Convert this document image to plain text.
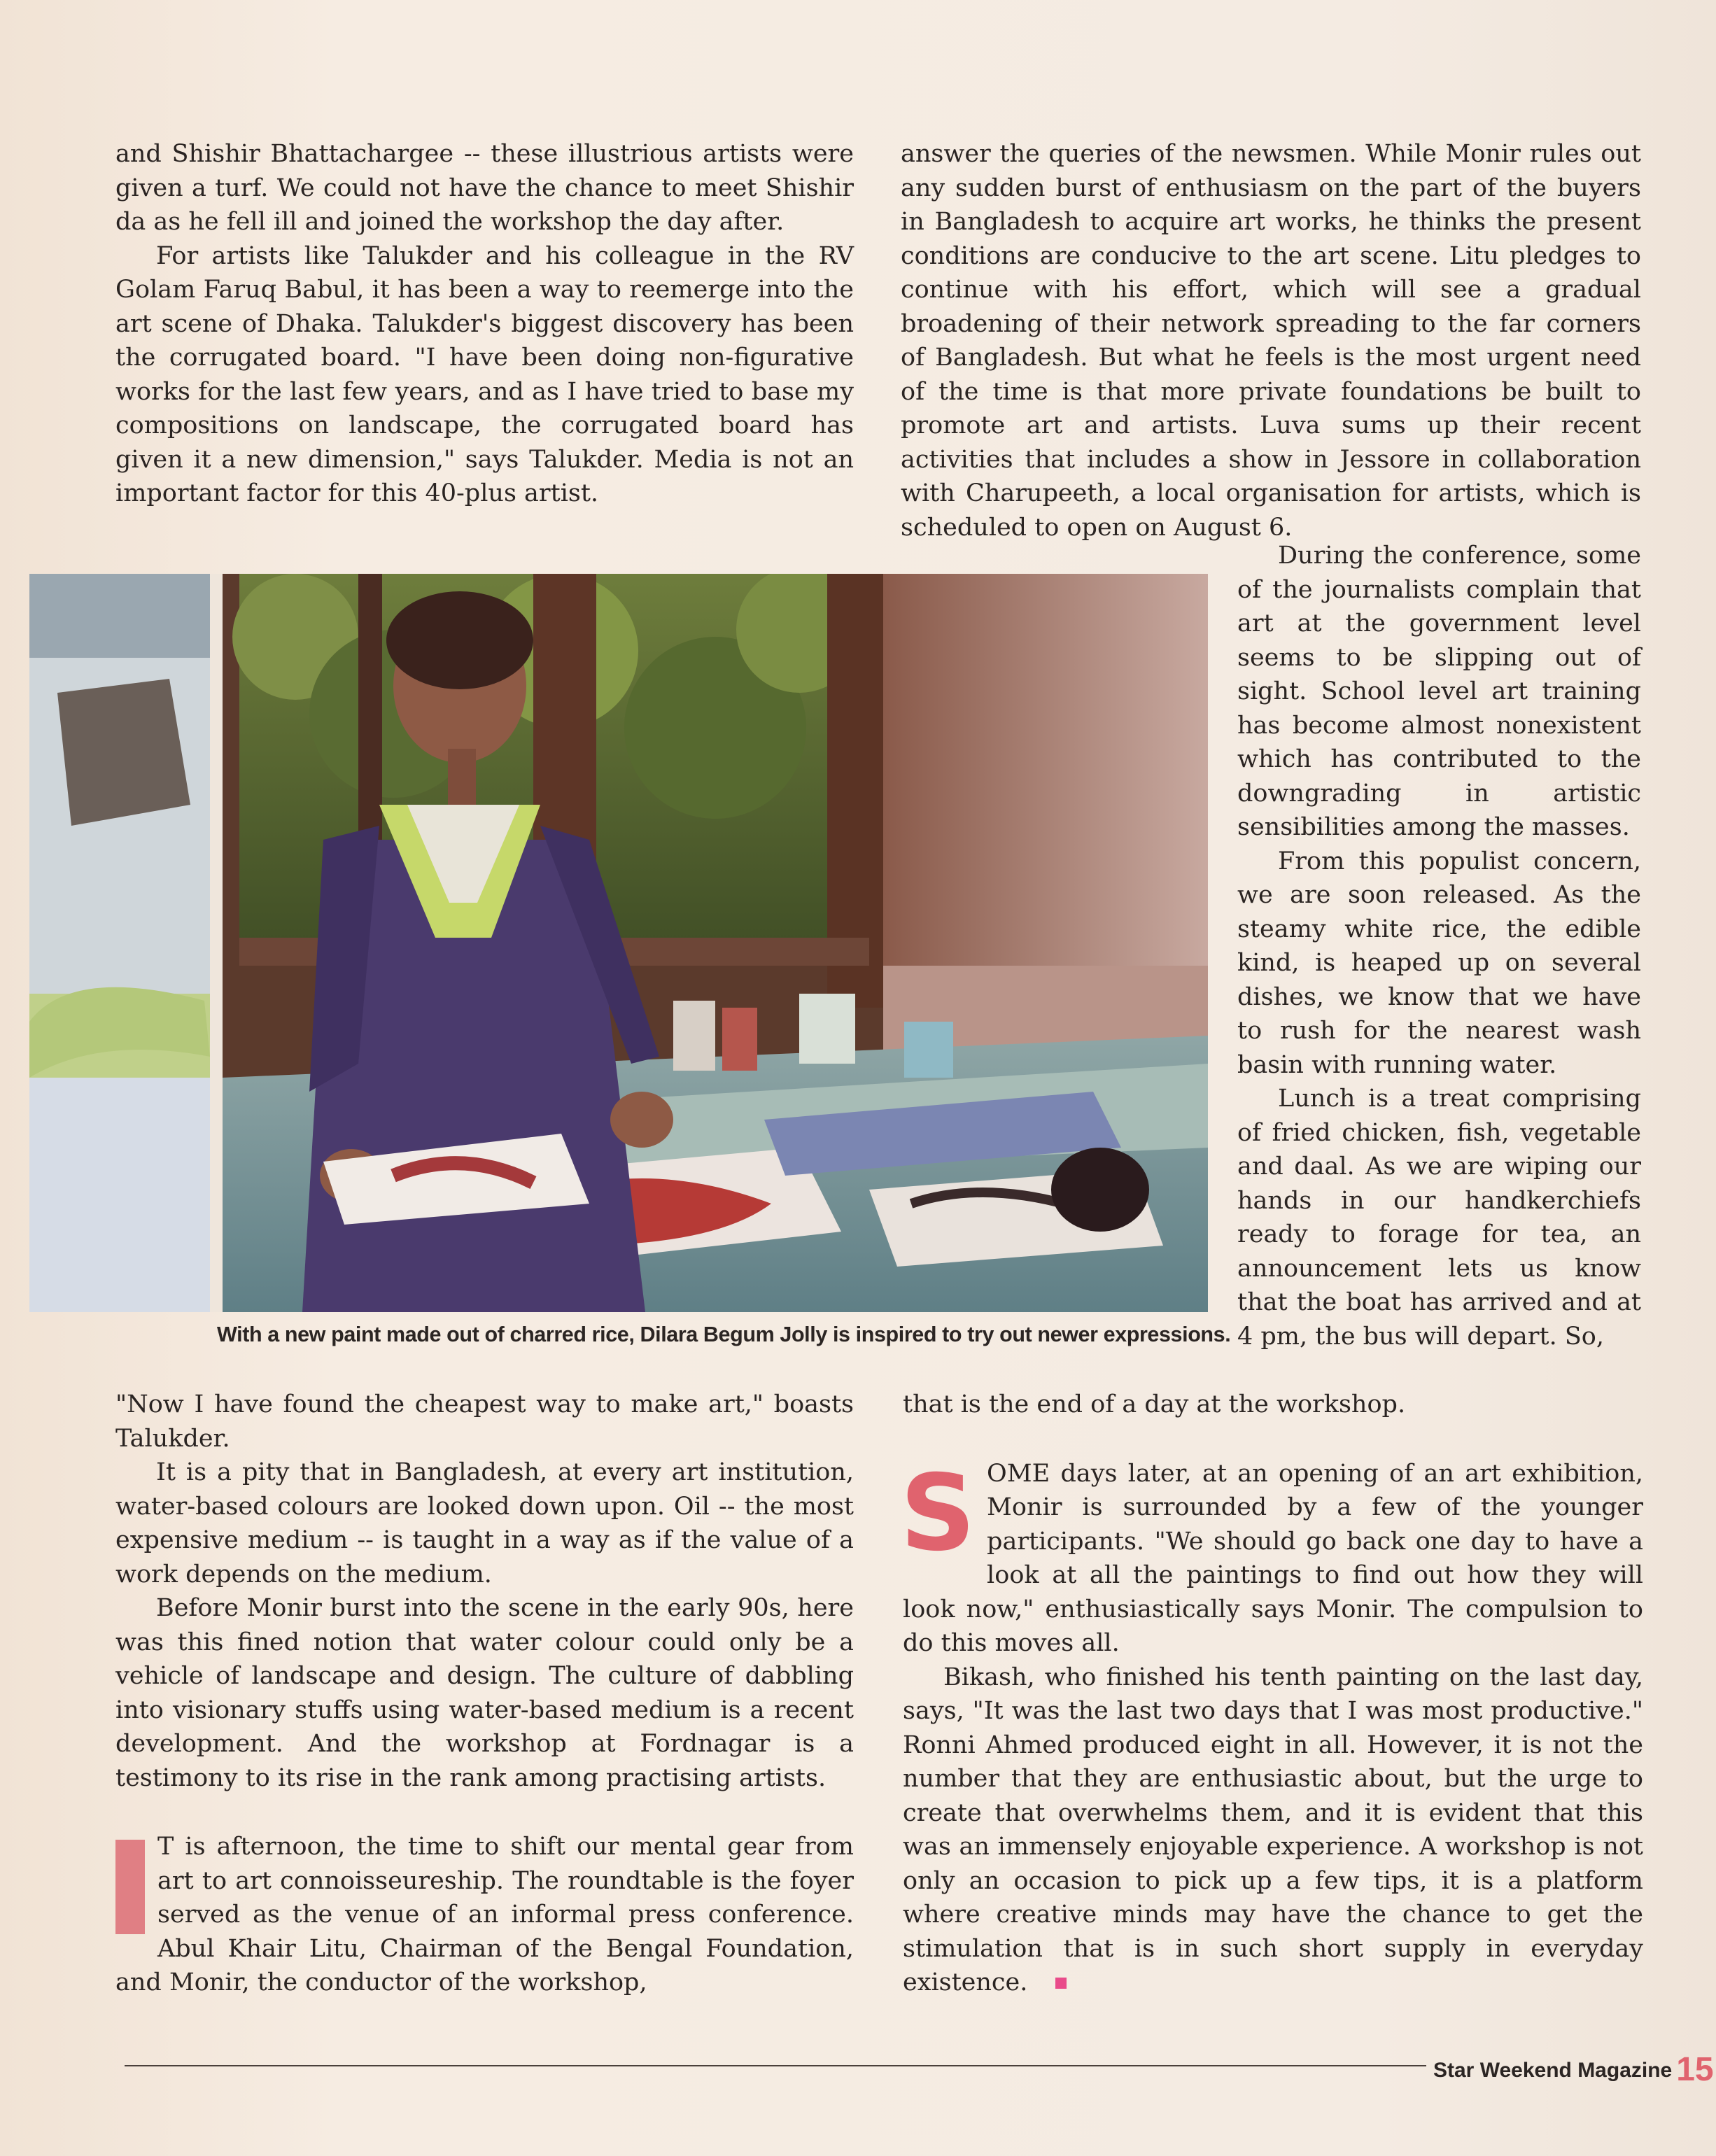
and Shishir Bhattachargee -- these illustrious artists were given a turf. We could not have the chance to meet Shishir da as he fell ill and joined the workshop the day after.

For artists like Talukder and his colleague in the RV Golam Faruq Babul, it has been a way to reemerge into the art scene of Dhaka. Talukder's biggest discovery has been the corrugated board. "I have been doing non-figurative works for the last few years, and as I have tried to base my compositions on landscape, the corrugated board has given it a new dimension," says Talukder. Media is not an important factor for this 40-plus artist.

answer the queries of the newsmen. While Monir rules out any sudden burst of enthusiasm on the part of the buyers in Bangladesh to acquire art works, he thinks the present conditions are conducive to the art scene. Litu pledges to continue with his effort, which will see a gradual broadening of their network spreading to the far corners of Bangladesh. But what he feels is the most urgent need of the time is that more private foundations be built to promote art and artists. Luva sums up their recent activities that includes a show in Jessore in collaboration with Charupeeth, a local organisation for artists, which is scheduled to open on August 6.

During the conference, some of the journalists complain that art at the government level seems to be slipping out of sight. School level art training has become almost nonexistent which has contributed to the downgrading in artistic sensibilities among the masses.

From this populist concern, we are soon released. As the steamy white rice, the edible kind, is heaped up on several dishes, we know that we have to rush for the nearest wash basin with running water.

Lunch is a treat comprising of fried chicken, fish, vegetable and daal. As we are wiping our hands in our handkerchiefs ready to forage for tea, an announcement lets us know that the boat has arrived and at 4 pm, the bus will depart. So,

With a new paint made out of charred rice, Dilara Begum Jolly is inspired to try out newer expressions.

"Now I have found the cheapest way to make art," boasts Talukder.

It is a pity that in Bangladesh, at every art institution, water-based colours are looked down upon. Oil -- the most expensive medium -- is taught in a way as if the value of a work depends on the medium.

Before Monir burst into the scene in the early 90s, here was this fined notion that water colour could only be a vehicle of landscape and design. The culture of dabbling into visionary stuffs using water-based medium is a recent development. And the workshop at Fordnagar is a testimony to its rise in the rank among practising artists.

T is afternoon, the time to shift our mental gear from art to art connoisseureship. The roundtable is the foyer served as the venue of an informal press conference. Abul Khair Litu, Chairman of the Bengal Foundation, and Monir, the conductor of the workshop,

that is the end of a day at the workshop.

SOME days later, at an opening of an art exhibition, Monir is surrounded by a few of the younger participants. "We should go back one day to have a look at all the paintings to find out how they will look now," enthusiastically says Monir. The compulsion to do this moves all.

Bikash, who finished his tenth painting on the last day, says, "It was the last two days that I was most productive." Ronni Ahmed produced eight in all. However, it is not the number that they are enthusiastic about, but the urge to create that overwhelms them, and it is evident that this was an immensely enjoyable experience. A workshop is not only an occasion to pick up a few tips, it is a platform where creative minds may have the chance to get the stimulation that is in such short supply in everyday existence.

Star Weekend Magazine 15
